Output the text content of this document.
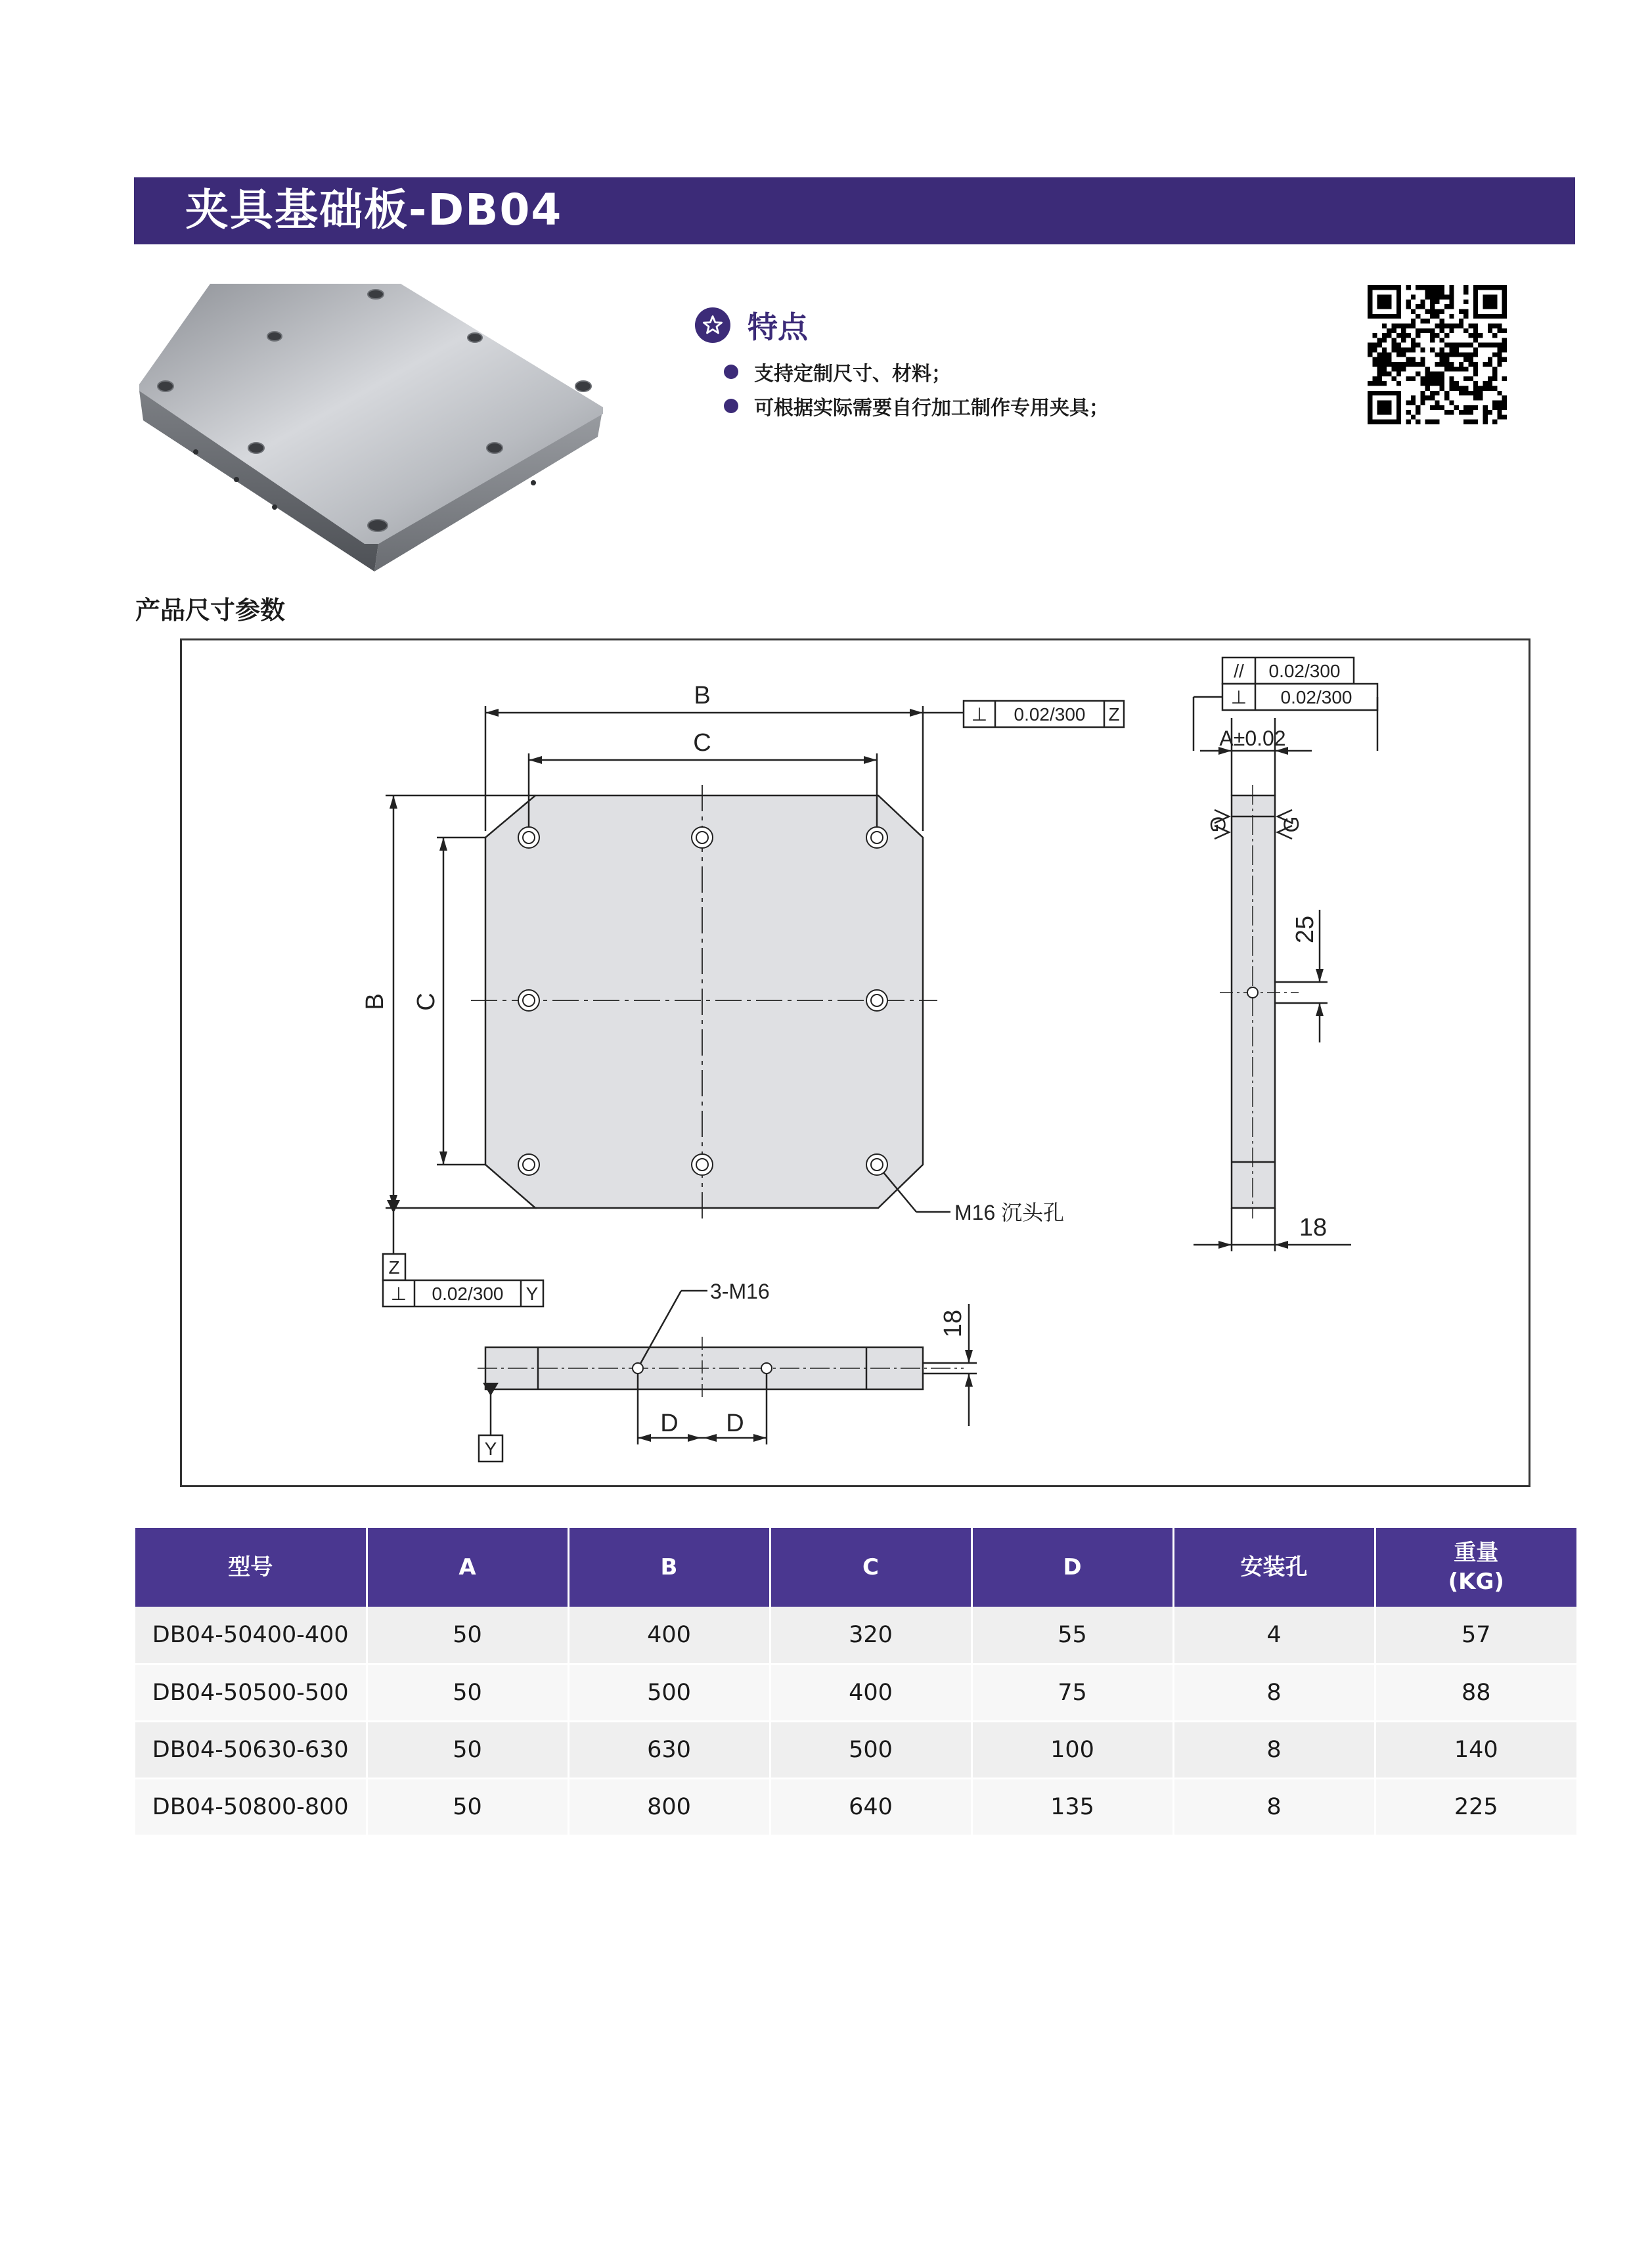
夹具基础板-DB04
特点
支持定制尺寸、材料；
可根据实际需要自行加工制作专用夹具；
产品尺寸参数
B
C
B C
D D
25
18
18
M16 沉头孔
3-M16
A±0.02
G G
⊥ 0.02/300 Z
Z
⊥ 0.02/300 Y
Y
// 0.02/300
⊥ 0.02/300
型号	A	B	C	D	安装孔	重量
(KG)
DB04-50400-400	50	400	320	55	4	57
DB04-50500-500	50	500	400	75	8	88
DB04-50630-630	50	630	500	100	8	140
DB04-50800-800	50	800	640	135	8	225
